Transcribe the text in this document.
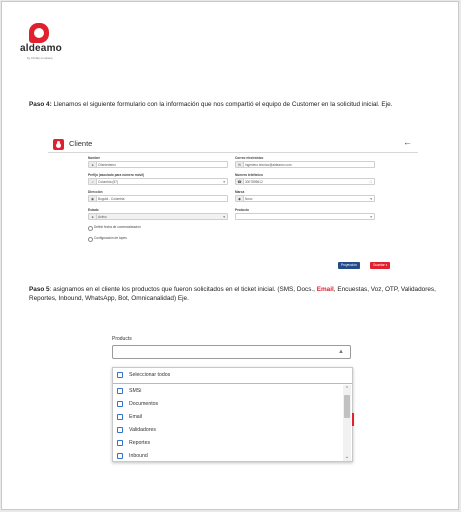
aldeamo
by infobip company
Paso 4: Llenamos el siguiente formulario con la información que nos compartió el equipo de Customer en la solicitud inicial. Eje.
Cliente	←
Nombre
●	Clientedemo
Correo electrónico
✉	ingeniero.tecnico@aldeamo.com
Prefijo (asociado para número móvil)
○	Colombia (57)	▾
Número telefónico
☎	3007895612	□
Dirección
◉	Bogotá - Colombia
Marca
◆	Novo	▾
Estado
●	Activo	▾
Producto
▾
Definir fecha de comercialización
Configuración de topes
Proyección	Guardar ▾
Paso 5: asignamos en el cliente los productos que fueron solicitados en el ticket inicial. (SMS, Docs., Email, Encuestas, Voz, OTP, Validadores, Reportes, Inbound, WhatsApp, Bot, Omnicanalidad) Eje.
Products
▲
Seleccionar todos
SMSi
Documentos
Email
Validadores
Reportes
Inbound
⌃
⌄
